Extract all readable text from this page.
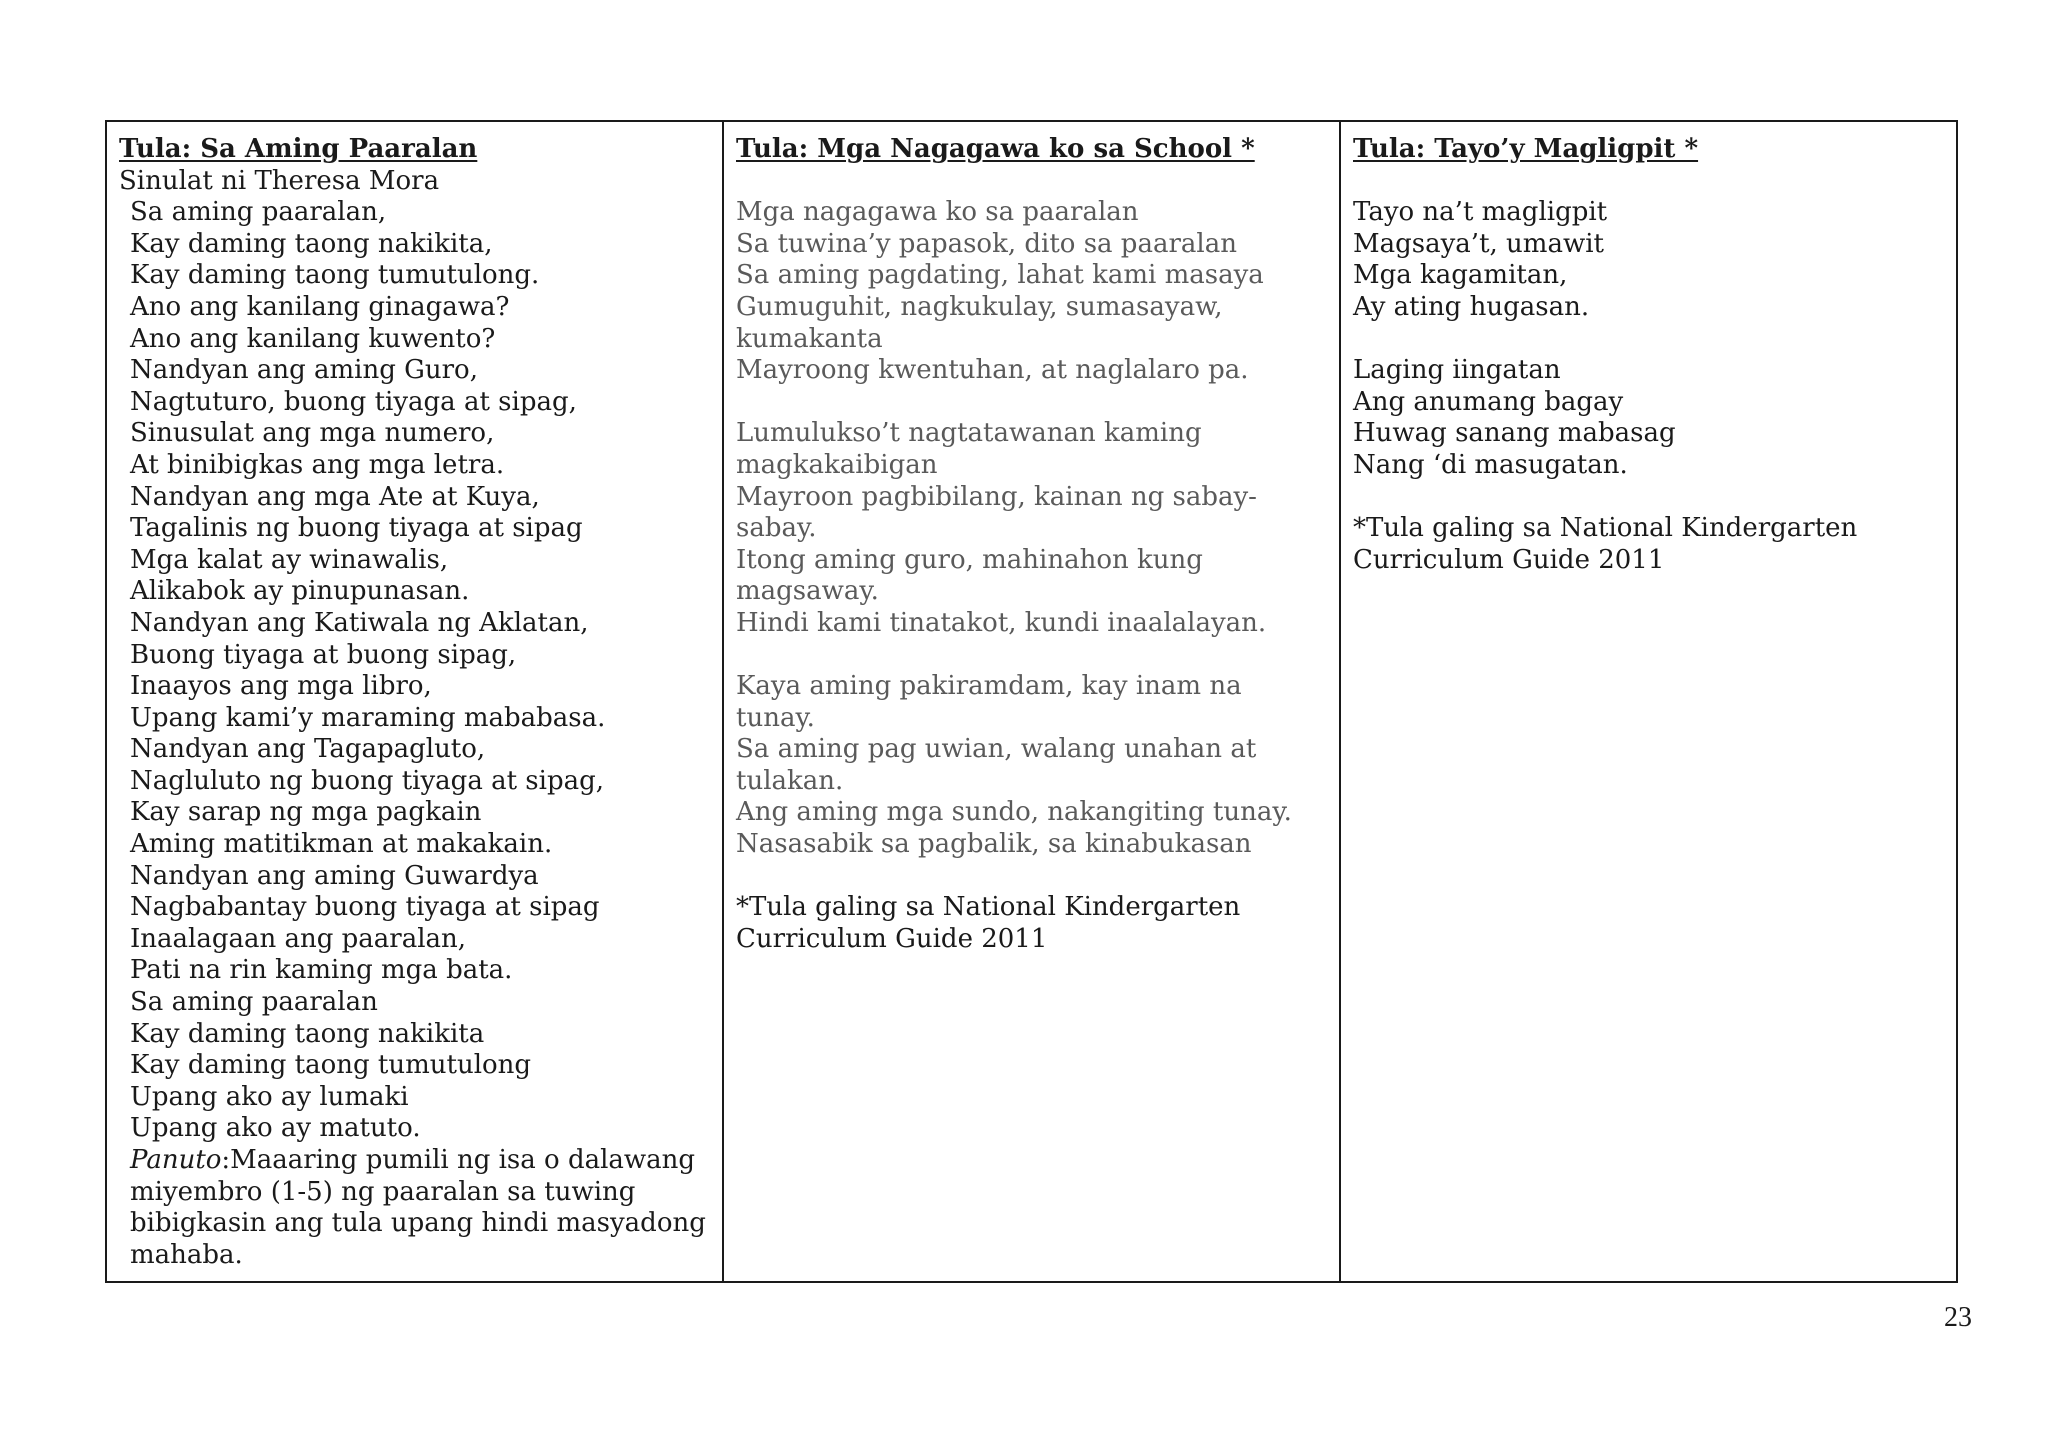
Tula: Sa Aming Paaralan
Sinulat ni Theresa Mora
Sa aming paaralan,
Kay daming taong nakikita,
Kay daming taong tumutulong.
Ano ang kanilang ginagawa?
Ano ang kanilang kuwento?
Nandyan ang aming Guro,
Nagtuturo, buong tiyaga at sipag,
Sinusulat ang mga numero,
At binibigkas ang mga letra.
Nandyan ang mga Ate at Kuya,
Tagalinis ng buong tiyaga at sipag
Mga kalat ay winawalis,
Alikabok ay pinupunasan.
Nandyan ang Katiwala ng Aklatan,
Buong tiyaga at buong sipag,
Inaayos ang mga libro,
Upang kami’y maraming mababasa.
Nandyan ang Tagapagluto,
Nagluluto ng buong tiyaga at sipag,
Kay sarap ng mga pagkain
Aming matitikman at makakain.
Nandyan ang aming Guwardya
Nagbabantay buong tiyaga at sipag
Inaalagaan ang paaralan,
Pati na rin kaming mga bata.
Sa aming paaralan
Kay daming taong nakikita
Kay daming taong tumutulong
Upang ako ay lumaki
Upang ako ay matuto.
Panuto:Maaaring pumili ng isa o dalawang
miyembro (1-5) ng paaralan sa tuwing
bibigkasin ang tula upang hindi masyadong
mahaba.
Tula: Mga Nagagawa ko sa School *
Mga nagagawa ko sa paaralan
Sa tuwina’y papasok, dito sa paaralan
Sa aming pagdating, lahat kami masaya
Gumuguhit, nagkukulay, sumasayaw,
kumakanta
Mayroong kwentuhan, at naglalaro pa.
Lumulukso’t nagtatawanan kaming
magkakaibigan
Mayroon pagbibilang, kainan ng sabay-
sabay.
Itong aming guro, mahinahon kung
magsaway.
Hindi kami tinatakot, kundi inaalalayan.
Kaya aming pakiramdam, kay inam na
tunay.
Sa aming pag uwian, walang unahan at
tulakan.
Ang aming mga sundo, nakangiting tunay.
Nasasabik sa pagbalik, sa kinabukasan
*Tula galing sa National Kindergarten
Curriculum Guide 2011
Tula: Tayo’y Magligpit *
Tayo na’t magligpit
Magsaya’t, umawit
Mga kagamitan,
Ay ating hugasan.
Laging iingatan
Ang anumang bagay
Huwag sanang mabasag
Nang ‘di masugatan.
*Tula galing sa National Kindergarten
Curriculum Guide 2011
23
